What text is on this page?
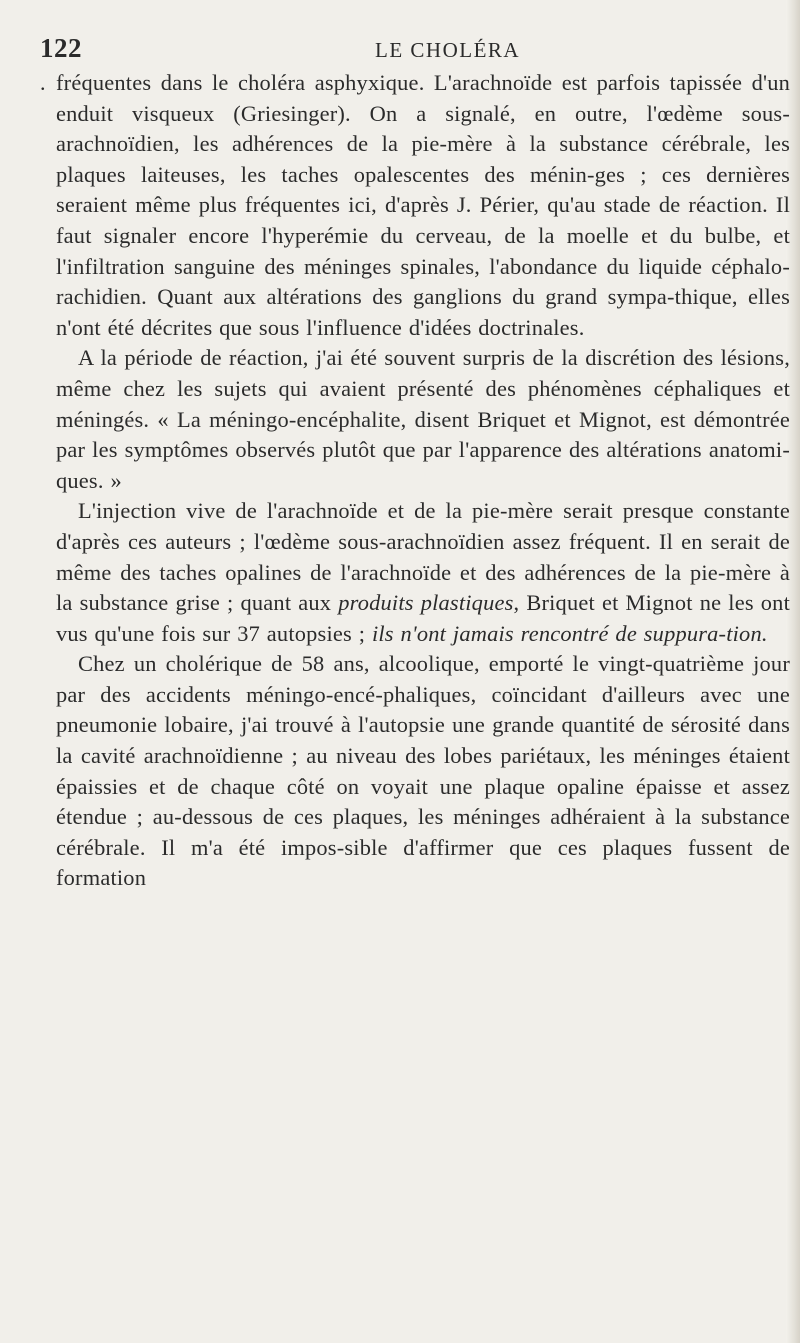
122	LE CHOLÉRA
. fréquentes dans le choléra asphyxique. L'arachnoïde est parfois tapissée d'un enduit visqueux (Griesinger). On a signalé, en outre, l'œdème sous-arachnoïdien, les adhérences de la pie-mère à la substance cérébrale, les plaques laiteuses, les taches opalescentes des ménin-ges ; ces dernières seraient même plus fréquentes ici, d'après J. Périer, qu'au stade de réaction. Il faut signaler encore l'hyperémie du cerveau, de la moelle et du bulbe, et l'infiltration sanguine des méninges spinales, l'abondance du liquide céphalo-rachidien. Quant aux altérations des ganglions du grand sympa-thique, elles n'ont été décrites que sous l'influence d'idées doctrinales.

A la période de réaction, j'ai été souvent surpris de la discrétion des lésions, même chez les sujets qui avaient présenté des phénomènes céphaliques et méningés. « La méningo-encéphalite, disent Briquet et Mignot, est démontrée par les symptômes observés plutôt que par l'apparence des altérations anatomi-ques. »

L'injection vive de l'arachnoïde et de la pie-mère serait presque constante d'après ces auteurs ; l'œdème sous-arachnoïdien assez fréquent. Il en serait de même des taches opalines de l'arachnoïde et des adhérences de la pie-mère à la substance grise ; quant aux produits plastiques, Briquet et Mignot ne les ont vus qu'une fois sur 37 autopsies ; ils n'ont jamais rencontré de suppura-tion.

Chez un cholérique de 58 ans, alcoolique, emporté le vingt-quatrième jour par des accidents méningo-encé-phaliques, coïncidant d'ailleurs avec une pneumonie lobaire, j'ai trouvé à l'autopsie une grande quantité de sérosité dans la cavité arachnoïdienne ; au niveau des lobes pariétaux, les méninges étaient épaissies et de chaque côté on voyait une plaque opaline épaisse et assez étendue ; au-dessous de ces plaques, les méninges adhéraient à la substance cérébrale. Il m'a été impos-sible d'affirmer que ces plaques fussent de formation
